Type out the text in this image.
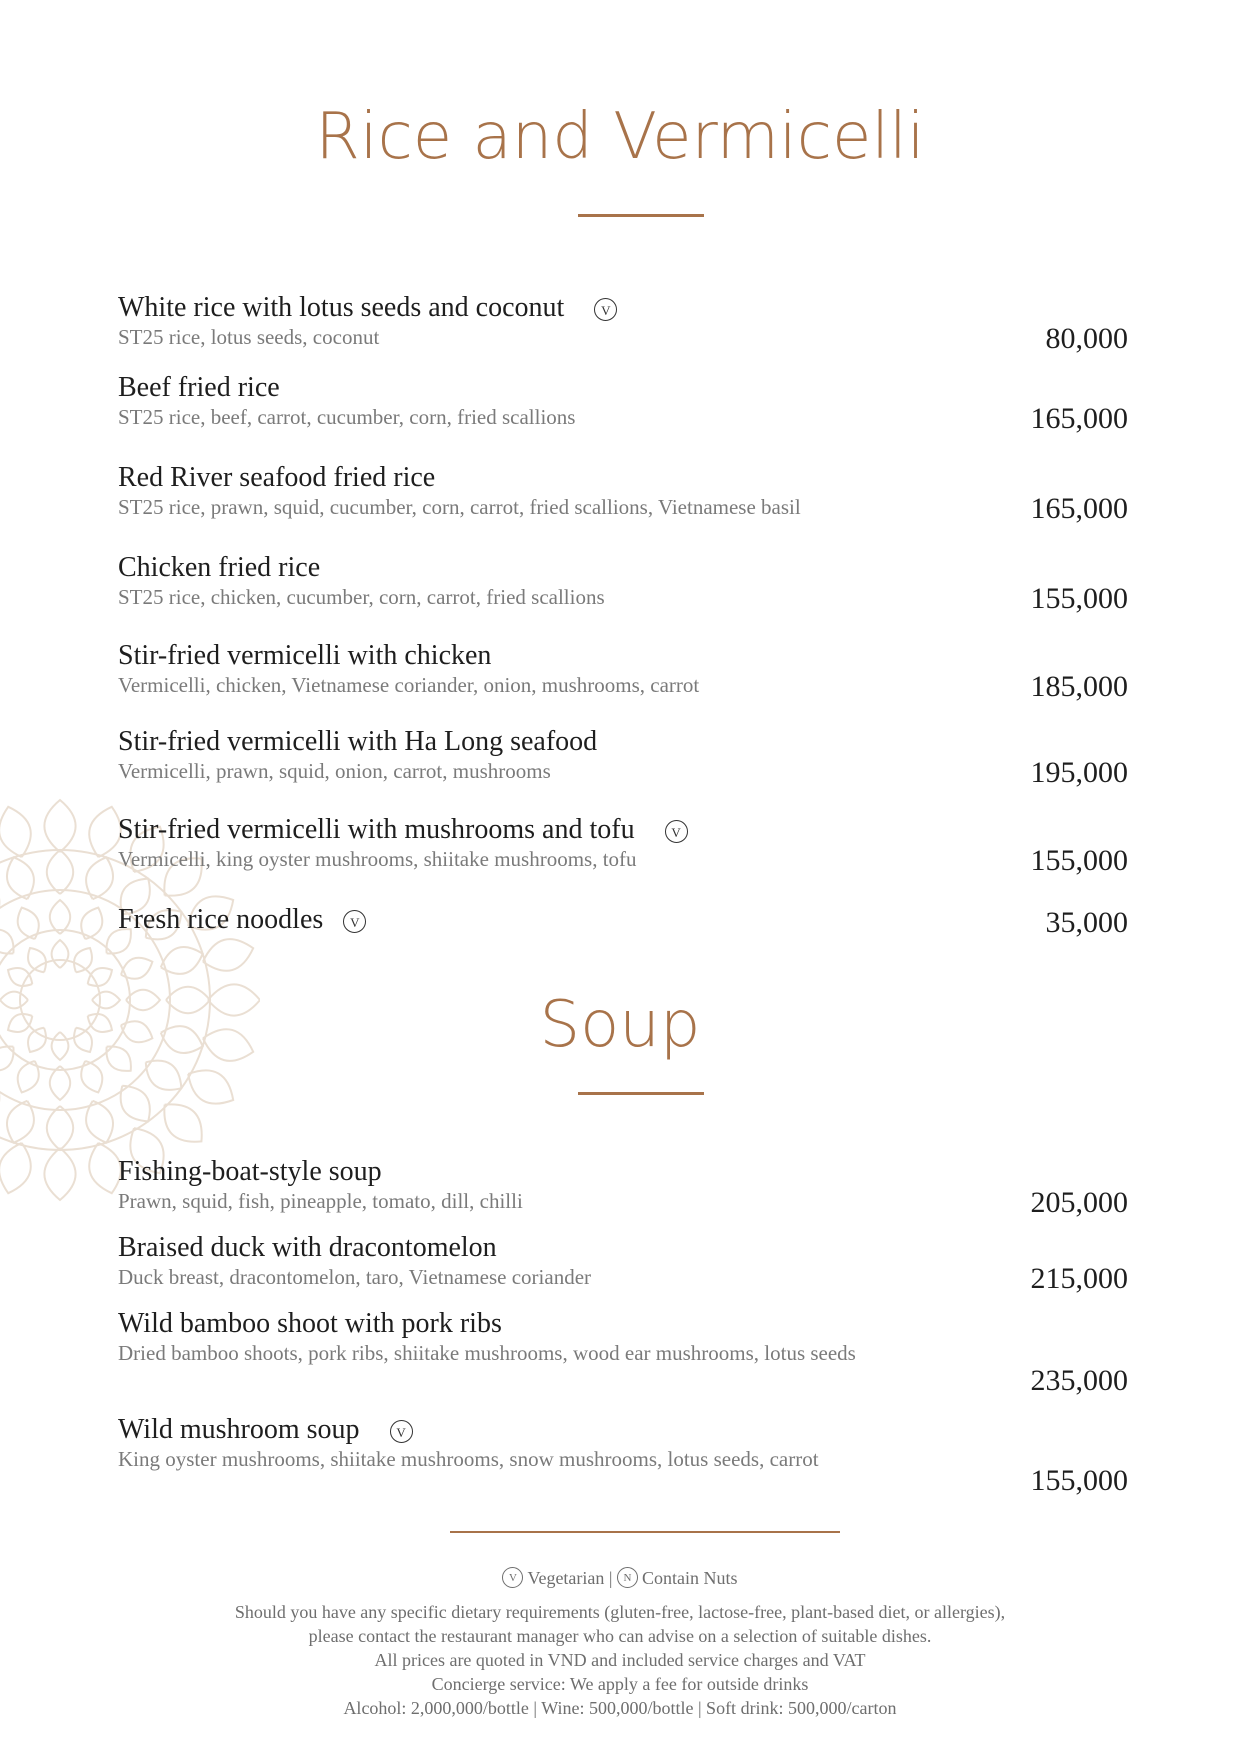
Rice and Vermicelli
White rice with lotus seeds and coconut	V
ST25 rice, lotus seeds, coconut	80,000
Beef fried rice
ST25 rice, beef, carrot, cucumber, corn, fried scallions	165,000
Red River seafood fried rice
ST25 rice, prawn, squid, cucumber, corn, carrot, fried scallions, Vietnamese basil	165,000
Chicken fried rice
ST25 rice, chicken, cucumber, corn, carrot, fried scallions	155,000
Stir-fried vermicelli with chicken
Vermicelli, chicken, Vietnamese coriander, onion, mushrooms, carrot	185,000
Stir-fried vermicelli with Ha Long seafood
Vermicelli, prawn, squid, onion, carrot, mushrooms	195,000
Stir-fried vermicelli with mushrooms and tofu	V
Vermicelli, king oyster mushrooms, shiitake mushrooms, tofu	155,000
Fresh rice noodles V	35,000
Soup
Fishing-boat-style soup
Prawn, squid, fish, pineapple, tomato, dill, chilli	205,000
Braised duck with dracontomelon
Duck breast, dracontomelon, taro, Vietnamese coriander	215,000
Wild bamboo shoot with pork ribs
Dried bamboo shoots, pork ribs, shiitake mushrooms, wood ear mushrooms, lotus seeds
235,000
Wild mushroom soup	V
King oyster mushrooms, shiitake mushrooms, snow mushrooms, lotus seeds, carrot
155,000
V Vegetarian | N Contain Nuts
Should you have any specific dietary requirements (gluten-free, lactose-free, plant-based diet, or allergies),
please contact the restaurant manager who can advise on a selection of suitable dishes.
All prices are quoted in VND and included service charges and VAT
Concierge service: We apply a fee for outside drinks
Alcohol: 2,000,000/bottle | Wine: 500,000/bottle | Soft drink: 500,000/carton
